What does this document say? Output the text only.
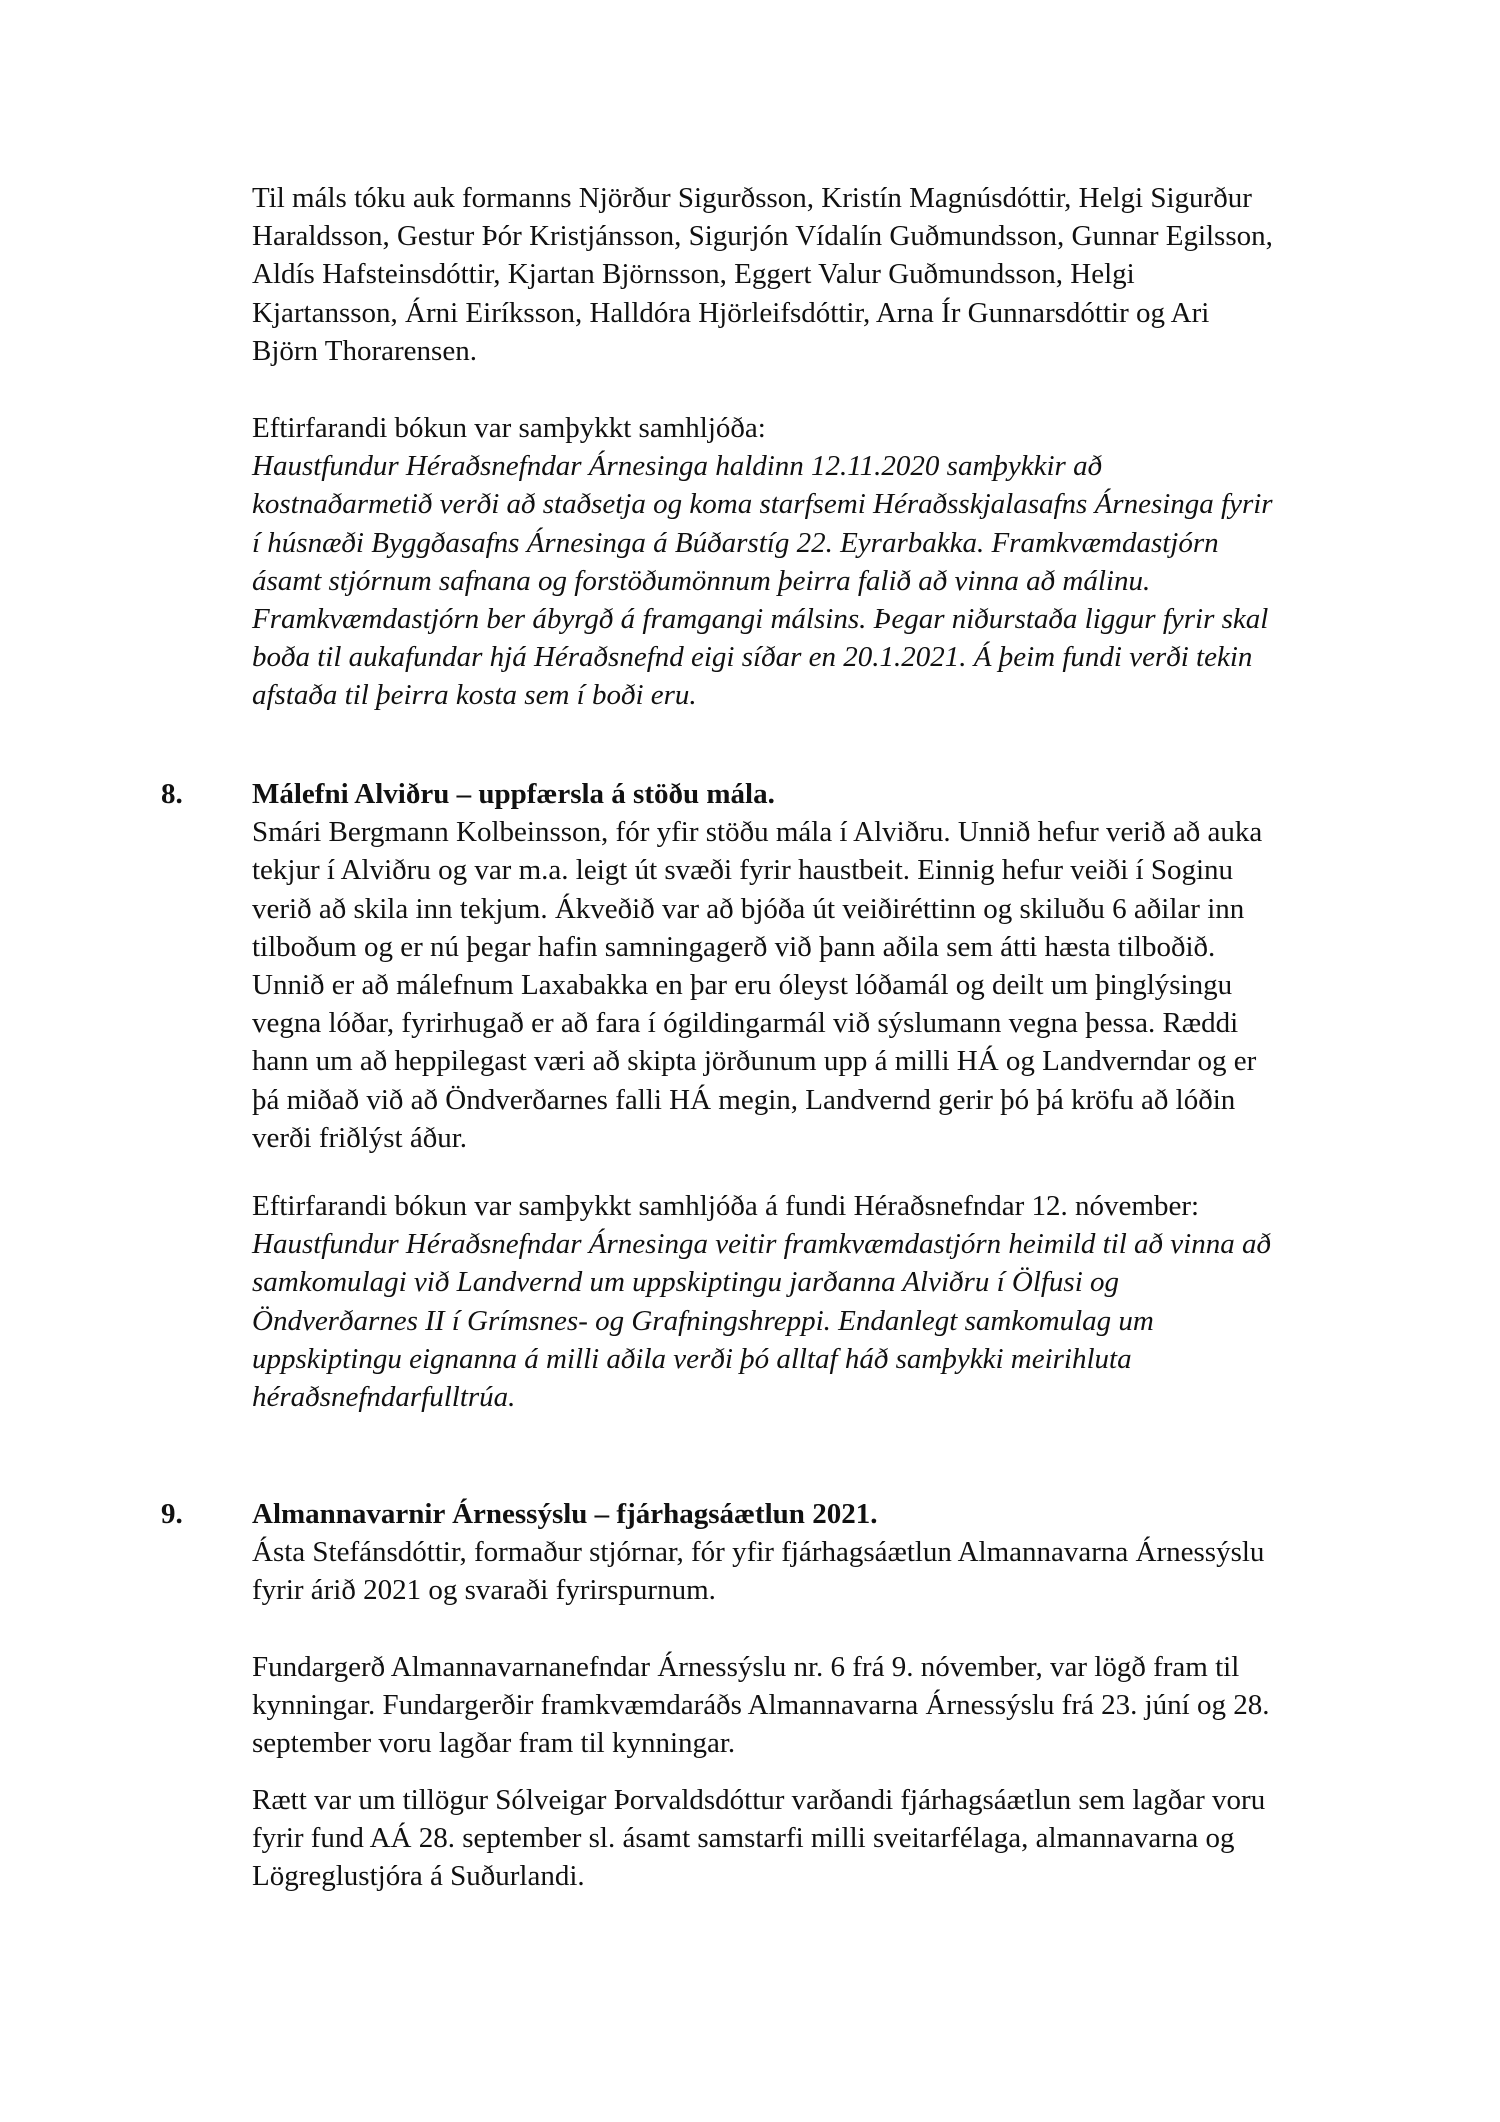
Til máls tóku auk formanns Njörður Sigurðsson, Kristín Magnúsdóttir, Helgi Sigurður
Haraldsson, Gestur Þór Kristjánsson, Sigurjón Vídalín Guðmundsson, Gunnar Egilsson,
Aldís Hafsteinsdóttir, Kjartan Björnsson, Eggert Valur Guðmundsson, Helgi
Kjartansson, Árni Eiríksson, Halldóra Hjörleifsdóttir, Arna Ír Gunnarsdóttir og Ari
Björn Thorarensen.
Eftirfarandi bókun var samþykkt samhljóða:
Haustfundur Héraðsnefndar Árnesinga haldinn 12.11.2020 samþykkir að
kostnaðarmetið verði að staðsetja og koma starfsemi Héraðsskjalasafns Árnesinga fyrir
í húsnæði Byggðasafns Árnesinga á Búðarstíg 22. Eyrarbakka. Framkvæmdastjórn
ásamt stjórnum safnana og forstöðumönnum þeirra falið að vinna að málinu.
Framkvæmdastjórn ber ábyrgð á framgangi málsins. Þegar niðurstaða liggur fyrir skal
boða til aukafundar hjá Héraðsnefnd eigi síðar en 20.1.2021. Á þeim fundi verði tekin
afstaða til þeirra kosta sem í boði eru.
8. Málefni Alviðru – uppfærsla á stöðu mála.
Smári Bergmann Kolbeinsson, fór yfir stöðu mála í Alviðru. Unnið hefur verið að auka
tekjur í Alviðru og var m.a. leigt út svæði fyrir haustbeit. Einnig hefur veiði í Soginu
verið að skila inn tekjum. Ákveðið var að bjóða út veiðiréttinn og skiluðu 6 aðilar inn
tilboðum og er nú þegar hafin samningagerð við þann aðila sem átti hæsta tilboðið.
Unnið er að málefnum Laxabakka en þar eru óleyst lóðamál og deilt um þinglýsingu
vegna lóðar, fyrirhugað er að fara í ógildingarmál við sýslumann vegna þessa. Ræddi
hann um að heppilegast væri að skipta jörðunum upp á milli HÁ og Landverndar og er
þá miðað við að Öndverðarnes falli HÁ megin, Landvernd gerir þó þá kröfu að lóðin
verði friðlýst áður.
Eftirfarandi bókun var samþykkt samhljóða á fundi Héraðsnefndar 12. nóvember:
Haustfundur Héraðsnefndar Árnesinga veitir framkvæmdastjórn heimild til að vinna að
samkomulagi við Landvernd um uppskiptingu jarðanna Alviðru í Ölfusi og
Öndverðarnes II í Grímsnes- og Grafningshreppi. Endanlegt samkomulag um
uppskiptingu eignanna á milli aðila verði þó alltaf háð samþykki meirihluta
héraðsnefndarfulltrúa.
9. Almannavarnir Árnessýslu – fjárhagsáætlun 2021.
Ásta Stefánsdóttir, formaður stjórnar, fór yfir fjárhagsáætlun Almannavarna Árnessýslu
fyrir árið 2021 og svaraði fyrirspurnum.
Fundargerð Almannavarnanefndar Árnessýslu nr. 6 frá 9. nóvember, var lögð fram til
kynningar. Fundargerðir framkvæmdaráðs Almannavarna Árnessýslu frá 23. júní og 28.
september voru lagðar fram til kynningar.
Rætt var um tillögur Sólveigar Þorvaldsdóttur varðandi fjárhagsáætlun sem lagðar voru
fyrir fund AÁ 28. september sl. ásamt samstarfi milli sveitarfélaga, almannavarna og
Lögreglustjóra á Suðurlandi.
